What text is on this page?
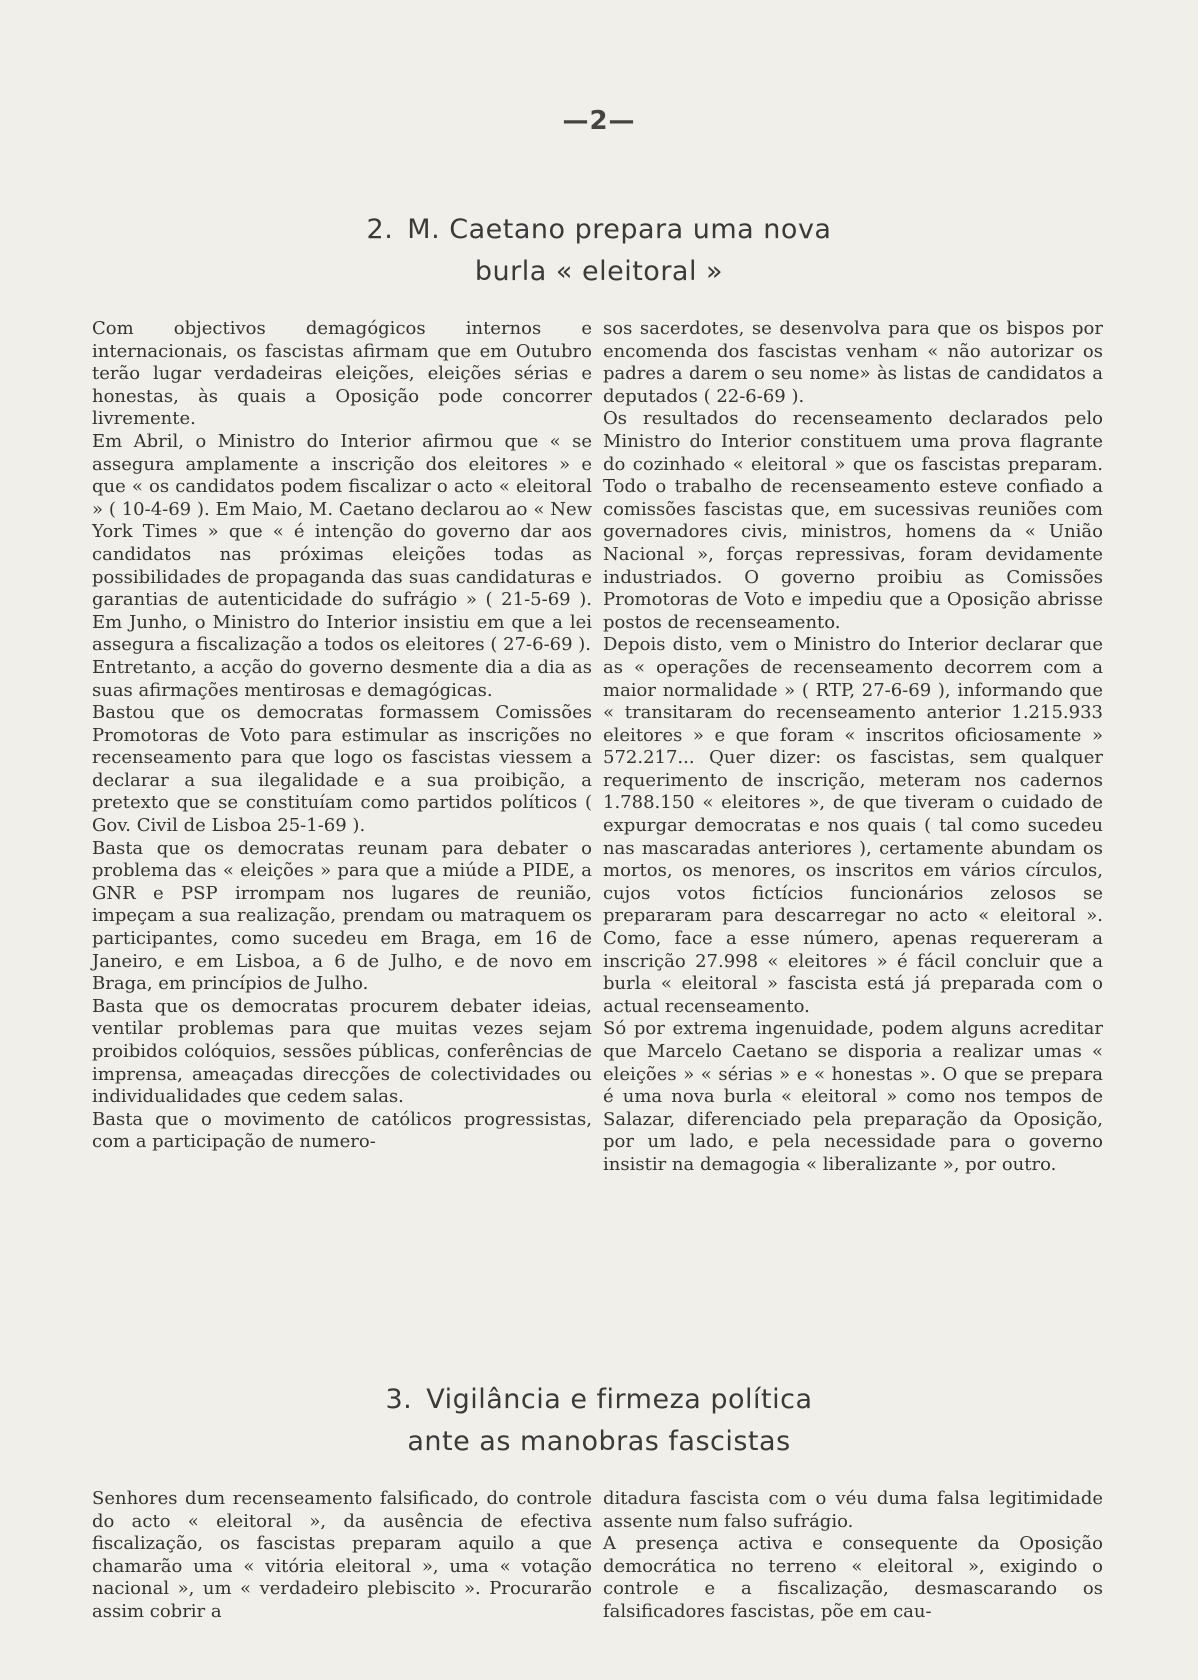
—2—
2. M. Caetano prepara uma nova
burla « eleitoral »

Com objectivos demagógicos internos e internacionais, os fascistas afirmam que em Outubro terão lugar verdadeiras eleições, eleições sérias e honestas, às quais a Oposição pode concorrer livremente.

Em Abril, o Ministro do Interior afirmou que « se assegura amplamente a inscrição dos eleitores » e que « os candidatos podem fiscalizar o acto « eleitoral » ( 10-4-69 ). Em Maio, M. Caetano declarou ao « New York Times » que « é intenção do governo dar aos candidatos nas próximas eleições todas as possibilidades de propaganda das suas candidaturas e garantias de autenticidade do sufrágio » ( 21-5-69 ). Em Junho, o Ministro do Interior insistiu em que a lei assegura a fiscalização a todos os eleitores ( 27-6-69 ).

Entretanto, a acção do governo desmente dia a dia as suas afirmações mentirosas e demagógicas.

Bastou que os democratas formassem Comissões Promotoras de Voto para estimular as inscrições no recenseamento para que logo os fascistas viessem a declarar a sua ilegalidade e a sua proibição, a pretexto que se constituíam como partidos políticos ( Gov. Civil de Lisboa 25-1-69 ).

Basta que os democratas reunam para debater o problema das « eleições » para que a miúde a PIDE, a GNR e PSP irrompam nos lugares de reunião, impeçam a sua realização, prendam ou matraquem os participantes, como sucedeu em Braga, em 16 de Janeiro, e em Lisboa, a 6 de Julho, e de novo em Braga, em princípios de Julho.

Basta que os democratas procurem debater ideias, ventilar problemas para que muitas vezes sejam proibidos colóquios, sessões públicas, conferências de imprensa, ameaçadas direcções de colectividades ou individualidades que cedem salas.

Basta que o movimento de católicos progressistas, com a participação de numero-

sos sacerdotes, se desenvolva para que os bispos por encomenda dos fascistas venham « não autorizar os padres a darem o seu nome» às listas de candidatos a deputados ( 22-6-69 ).

Os resultados do recenseamento declarados pelo Ministro do Interior constituem uma prova flagrante do cozinhado « eleitoral » que os fascistas preparam. Todo o trabalho de recenseamento esteve confiado a comissões fascistas que, em sucessivas reuniões com governadores civis, ministros, homens da « União Nacional », forças repressivas, foram devidamente industriados. O governo proibiu as Comissões Promotoras de Voto e impediu que a Oposição abrisse postos de recenseamento.

Depois disto, vem o Ministro do Interior declarar que as « operações de recenseamento decorrem com a maior normalidade » ( RTP, 27-6-69 ), informando que « transitaram do recenseamento anterior 1.215.933 eleitores » e que foram « inscritos oficiosamente » 572.217... Quer dizer: os fascistas, sem qualquer requerimento de inscrição, meteram nos cadernos 1.788.150 « eleitores », de que tiveram o cuidado de expurgar democratas e nos quais ( tal como sucedeu nas mascaradas anteriores ), certamente abundam os mortos, os menores, os inscritos em vários círculos, cujos votos fictícios funcionários zelosos se prepararam para descarregar no acto « eleitoral ». Como, face a esse número, apenas requereram a inscrição 27.998 « eleitores » é fácil concluir que a burla « eleitoral » fascista está já preparada com o actual recenseamento.

Só por extrema ingenuidade, podem alguns acreditar que Marcelo Caetano se disporia a realizar umas « eleições » « sérias » e « honestas ». O que se prepara é uma nova burla « eleitoral » como nos tempos de Salazar, diferenciado pela preparação da Oposição, por um lado, e pela necessidade para o governo insistir na demagogia « liberalizante », por outro.

3. Vigilância e firmeza política
ante as manobras fascistas

Senhores dum recenseamento falsificado, do controle do acto « eleitoral », da ausência de efectiva fiscalização, os fascistas preparam aquilo a que chamarão uma « vitória eleitoral », uma « votação nacional », um « verdadeiro plebiscito ». Procurarão assim cobrir a

ditadura fascista com o véu duma falsa legitimidade assente num falso sufrágio.

A presença activa e consequente da Oposição democrática no terreno « eleitoral », exigindo o controle e a fiscalização, desmascarando os falsificadores fascistas, põe em cau-
